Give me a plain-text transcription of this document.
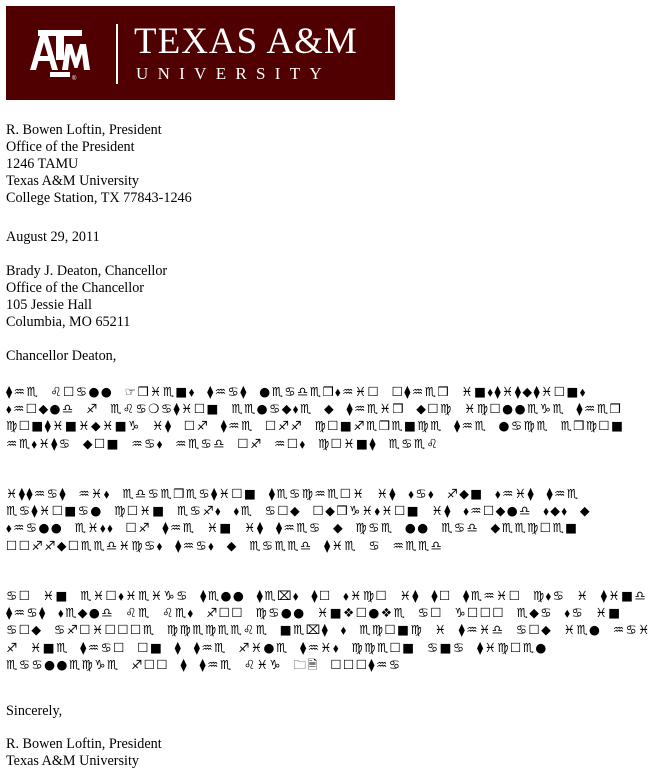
®
TEXAS A&M
UNIVERSITY
R. Bowen Loftin, President
Office of the President
1246 TAMU
Texas A&M University
College Station, TX 77843-1246
August 29, 2011
Brady J. Deaton, Chancellor
Office of the Chancellor
105 Jessie Hall
Columbia, MO 65211
Chancellor Deaton,
⧫♒♏ ♌☐♋●● ☞❒♓♏■⬧ ⧫♒♋⧫ ●♏♋♎♏❒⬧♒♓☐ ☐⧫♒♏❒ ♓■⬧⧫♓⧫◆⧫♓☐■⬧ ⬧♒☐◆●♎ ♐ ♏♌♋❍♋⧫♓☐■ ♏♏●♋◆⬧♏ ◆ ⧫♒♏♓❒ ◆☐♍ ♓♍☐●●♏♑♏ ⧫♒♏❒ ♍☐■⧫♓■♓◆♓■♑ ♓⧫ ☐♐ ⧫♒♏ ☐♐♐ ♍☐■♐♏❒♏■♍♏ ⧫♒♏ ●♋♍♏ ♏❒♍☐■ ♒♏⬧♓⧫♋ ◆☐■ ♒♋⬧ ♒♏♋♎ ☐♐ ♒☐⬧ ♍☐♓■⧫ ♏♋♏♌
♓⧫⧫♒♋⧫ ♒♓⬧ ♏♎♋♏❒♏♋⧫♓☐■ ⧫♏♋♍♒♏☐♓ ♓⧫ ⬧♋⬧ ♐◆■ ⬧♒♓⧫ ⧫♒♏ ♏♋⧫♓☐■♋● ♍☐♓■ ♏♋♐⬧ ⬧♏ ♋☐◆ ☐◆❒♑♓⬧♓☐■ ♓⧫ ⬧♒☐◆●♎ ⬧◆⬧ ◆ ⬧♒♋●● ♏♓⬧⬧ ☐♐ ⧫♒♏ ♓■ ♓⧫ ⧫♒♏♋ ◆ ♍♋♏ ●● ♏♋♎ ◆♏♏♍☐♏■ ☐☐♐♐◆☐♏♏♎♓♍♋⬧ ⧫♒♋⬧ ◆ ♏♋♏♏♎ ⧫♓♏ ♋ ♒♏♏♎
♋☐ ♓■ ♏♓☐⬧♓♏♓♑♋ ⧫♏●● ⧫♏⌧⬧ ⧫☐ ⬧♓♍☐ ♓⧫ ⧫☐ ⧫♏♒♓☐ ♍⬧♋ ♓ ⧫♓■♎ ⧫♒♋⧫ ⬧♏◆●♎ ♌♏ ♌♏⬧ ♐☐☐ ♍♋●● ♓■❖☐●❖♏ ♋☐ ♑☐☐☐ ♏◆♋ ⬧♋ ♓■ ♋☐◆ ♋♐☐♓☐☐☐♏ ♍♍♏♍♏♏♌♏ ■♏⌧⧫ ⬧ ♏♍☐■♍ ♓ ⧫♒♓♎ ♋☐◆ ♓♏● ♒♋♓ ♐ ♓■♏ ⧫♒♋☐ ☐■ ⧫ ⧫♒♏ ♐♓●♏ ⧫♒♓⬧ ♍♍♏☐■ ♋■♋ ⧫♓♍☐♏● ♏♋♋●●♏♍♑♏ ♐☐☐ ⧫ ⧫♒♏ ♌♓♑ 🗀🗎 ☐☐☐⧫♒♋
Sincerely,
R. Bowen Loftin, President
Texas A&M University
